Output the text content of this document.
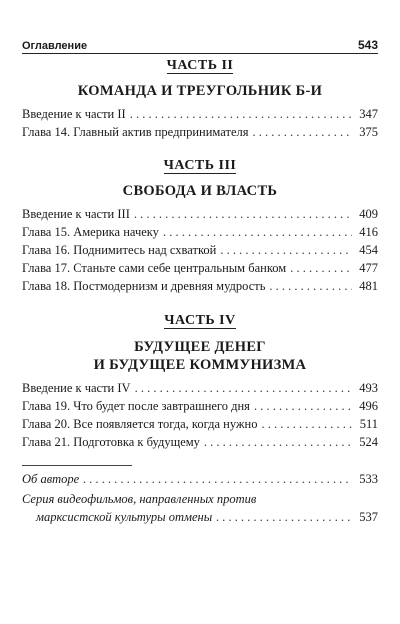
Оглавление	543
ЧАСТЬ II
КОМАНДА И ТРЕУГОЛЬНИК Б-И
Введение к части II . . .	347
Глава 14. Главный актив предпринимателя . . .	375
ЧАСТЬ III
СВОБОДА И ВЛАСТЬ
Введение к части III . . .	409
Глава 15. Америка начеку . . .	416
Глава 16. Поднимитесь над схваткой . . .	454
Глава 17. Станьте сами себе центральным банком . . .	477
Глава 18. Постмодернизм и древняя мудрость . . .	481
ЧАСТЬ IV
БУДУЩЕЕ ДЕНЕГ
И БУДУЩЕЕ КОММУНИЗМА
Введение к части IV . . .	493
Глава 19. Что будет после завтрашнего дня . . .	496
Глава 20. Все появляется тогда, когда нужно . . .	511
Глава 21. Подготовка к будущему . . .	524
Об авторе . . .	533
Серия видеофильмов, направленных против
марксистской культуры отмены . . .	537
